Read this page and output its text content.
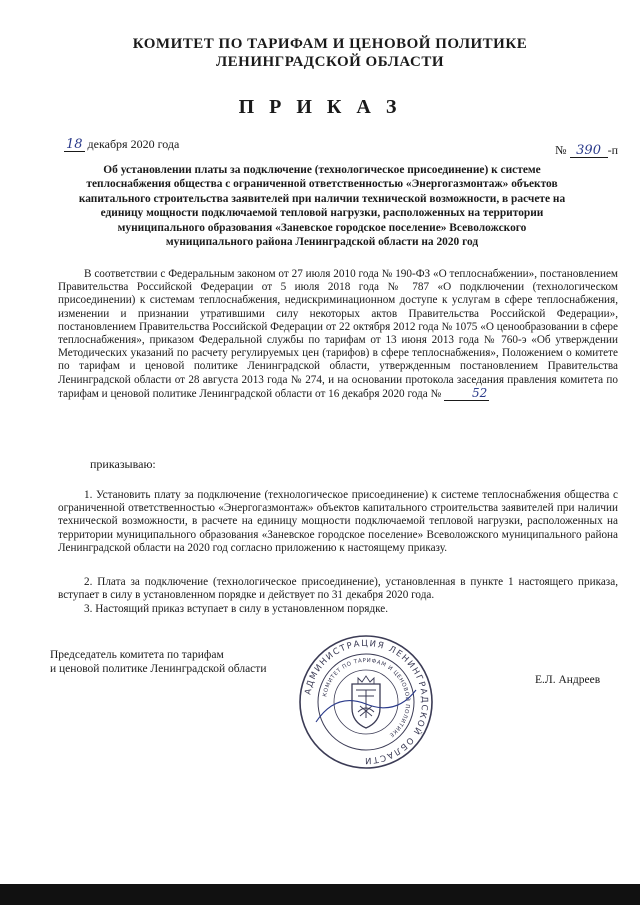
КОМИТЕТ ПО ТАРИФАМ И ЦЕНОВОЙ ПОЛИТИКЕ
ЛЕНИНГРАДСКОЙ ОБЛАСТИ
П Р И К А З
18 декабря 2020 года	№ 390 -п
Об установлении платы за подключение (технологическое присоединение) к системе теплоснабжения общества с ограниченной ответственностью «Энергогазмонтаж» объектов капитального строительства заявителей при наличии технической возможности, в расчете на единицу мощности подключаемой тепловой нагрузки, расположенных на территории муниципального образования «Заневское городское поселение» Всеволожского муниципального района Ленинградской области на 2020 год
В соответствии с Федеральным законом от 27 июля 2010 года № 190-ФЗ «О теплоснабжении», постановлением Правительства Российской Федерации от 5 июля 2018 года № 787 «О подключении (технологическом присоединении) к системам теплоснабжения, недискриминационном доступе к услугам в сфере теплоснабжения, изменении и признании утратившими силу некоторых актов Правительства Российской Федерации», постановлением Правительства Российской Федерации от 22 октября 2012 года № 1075 «О ценообразовании в сфере теплоснабжения», приказом Федеральной службы по тарифам от 13 июня 2013 года № 760-э «Об утверждении Методических указаний по расчету регулируемых цен (тарифов) в сфере теплоснабжения», Положением о комитете по тарифам и ценовой политике Ленинградской области, утвержденным постановлением Правительства Ленинградской области от 28 августа 2013 года № 274, и на основании протокола заседания правления комитета по тарифам и ценовой политике Ленинградской области от 16 декабря 2020 года №	52
приказываю:
1. Установить плату за подключение (технологическое присоединение) к системе теплоснабжения общества с ограниченной ответственностью «Энергогазмонтаж» объектов капитального строительства заявителей при наличии технической возможности, в расчете на единицу мощности подключаемой тепловой нагрузки, расположенных на территории муниципального образования «Заневское городское поселение» Всеволожского муниципального района Ленинградской области на 2020 год согласно приложению к настоящему приказу.
2. Плата за подключение (технологическое присоединение), установленная в пункте 1 настоящего приказа, вступает в силу в установленном порядке и действует по 31 декабря 2020 года.
3. Настоящий приказ вступает в силу в установленном порядке.
Председатель комитета по тарифам
и ценовой политике Ленинградской области
АДМИНИСТРАЦИЯ ЛЕНИНГРАДСКОЙ ОБЛАСТИ
КОМИТЕТ ПО ТАРИФАМ И ЦЕНОВОЙ ПОЛИТИКЕ
Е.Л. Андреев
